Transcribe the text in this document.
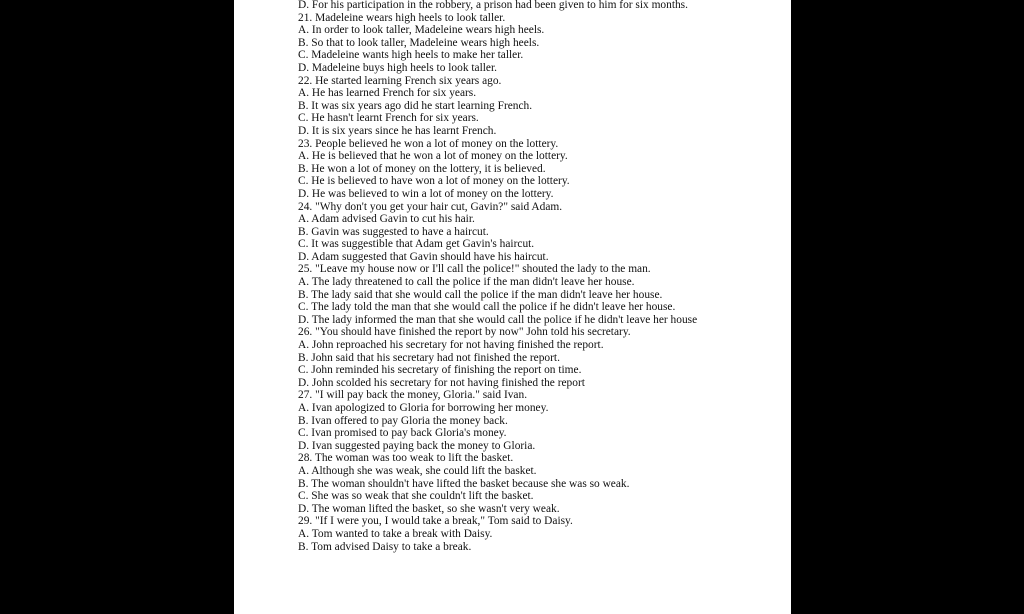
D. For his participation in the robbery, a prison had been given to him for six months.
21. Madeleine wears high heels to look taller.
A. In order to look taller, Madeleine wears high heels.
B. So that to look taller, Madeleine wears high heels.
C. Madeleine wants high heels to make her taller.
D. Madeleine buys high heels to look taller.
22. He started learning French six years ago.
A. He has learned French for six years.
B. It was six years ago did he start learning French.
C. He hasn't learnt French for six years.
D. It is six years since he has learnt French.
23. People believed he won a lot of money on the lottery.
A. He is believed that he won a lot of money on the lottery.
B. He won a lot of money on the lottery, it is believed.
C. He is believed to have won a lot of money on the lottery.
D. He was believed to win a lot of money on the lottery.
24. "Why don't you get your hair cut, Gavin?" said Adam.
A. Adam advised Gavin to cut his hair.
B. Gavin was suggested to have a haircut.
C. It was suggestible that Adam get Gavin's haircut.
D. Adam suggested that Gavin should have his haircut.
25. "Leave my house now or I'll call the police!" shouted the lady to the man.
A. The lady threatened to call the police if the man didn't leave her house.
B. The lady said that she would call the police if the man didn't leave her house.
C. The lady told the man that she would call the police if he didn't leave her house.
D. The lady informed the man that she would call the police if he didn't leave her house
26. "You should have finished the report by now" John told his secretary.
A. John reproached his secretary for not having finished the report.
B. John said that his secretary had not finished the report.
C. John reminded his secretary of finishing the report on time.
D. John scolded his secretary for not having finished the report
27. "I will pay back the money, Gloria." said Ivan.
A. Ivan apologized to Gloria for borrowing her money.
B. Ivan offered to pay Gloria the money back.
C. Ivan promised to pay back Gloria's money.
D. Ivan suggested paying back the money to Gloria.
28. The woman was too weak to lift the basket.
A. Although she was weak, she could lift the basket.
B. The woman shouldn't have lifted the basket because she was so weak.
C. She was so weak that she couldn't lift the basket.
D. The woman lifted the basket, so she wasn't very weak.
29. "If I were you, I would take a break," Tom said to Daisy.
A. Tom wanted to take a break with Daisy.
B. Tom advised Daisy to take a break.
